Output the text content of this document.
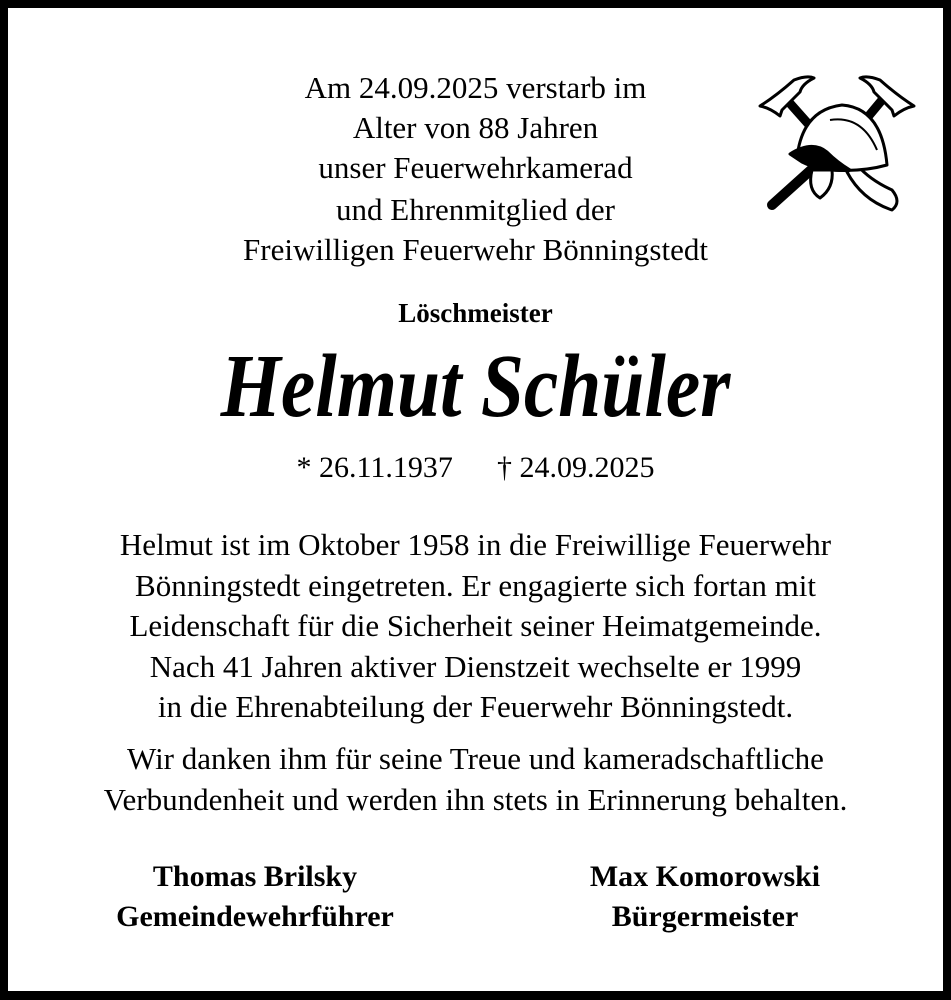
Am 24.09.2025 verstarb im
Alter von 88 Jahren
unser Feuerwehrkamerad
und Ehrenmitglied der
Freiwilligen Feuerwehr Bönningstedt
Löschmeister
Helmut Schüler
* 26.11.1937 † 24.09.2025
Helmut ist im Oktober 1958 in die Freiwillige Feuerwehr
Bönningstedt eingetreten. Er engagierte sich fortan mit
Leidenschaft für die Sicherheit seiner Heimatgemeinde.
Nach 41 Jahren aktiver Dienstzeit wechselte er 1999
in die Ehrenabteilung der Feuerwehr Bönningstedt.
Wir danken ihm für seine Treue und kameradschaftliche
Verbundenheit und werden ihn stets in Erinnerung behalten.
Thomas Brilsky
Gemeindewehrführer
Max Komorowski
Bürgermeister
